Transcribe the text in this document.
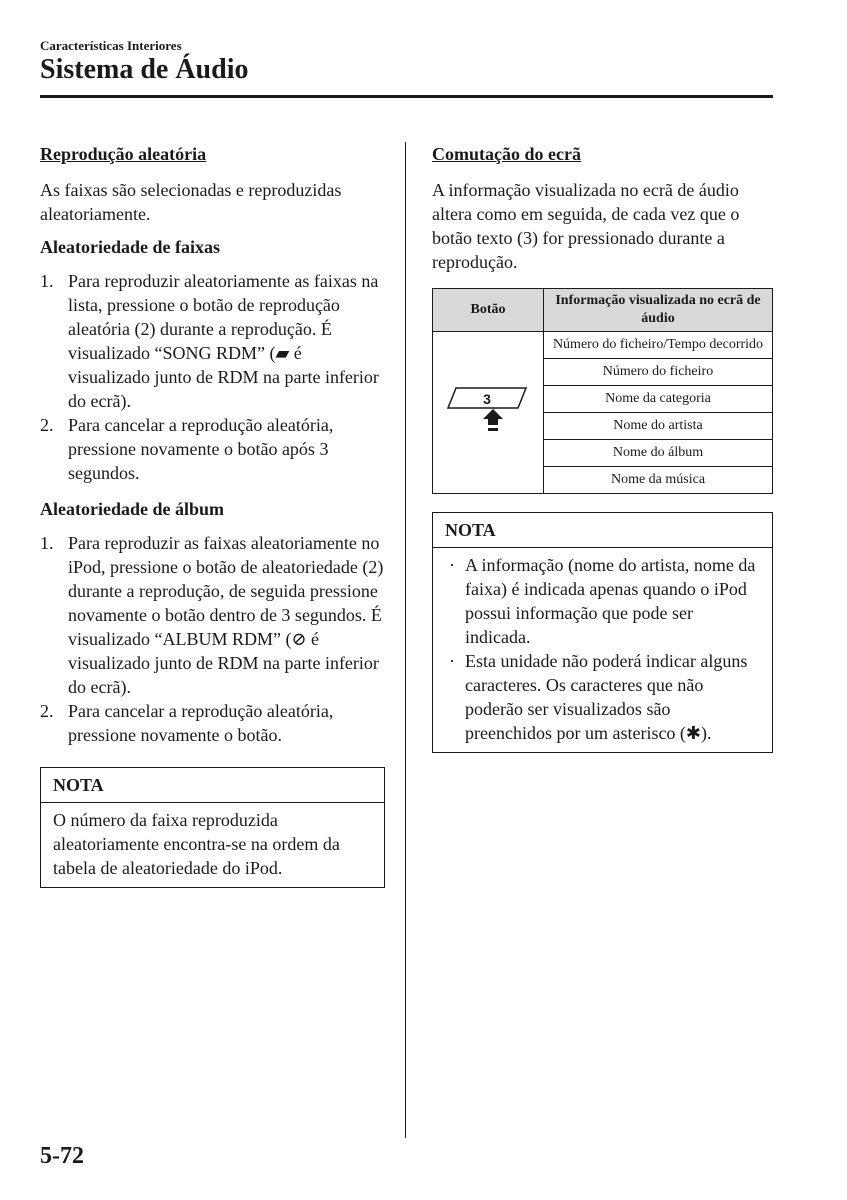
Características Interiores
Sistema de Áudio
Reprodução aleatória

As faixas são selecionadas e reproduzidas aleatoriamente.

Aleatoriedade de faixas
1. Para reproduzir aleatoriamente as faixas na lista, pressione o botão de reprodução aleatória (2) durante a reprodução. É visualizado “SONG RDM” (▰ é visualizado junto de RDM na parte inferior do ecrã).
2. Para cancelar a reprodução aleatória, pressione novamente o botão após 3 segundos.
Aleatoriedade de álbum
1. Para reproduzir as faixas aleatoriamente no iPod, pressione o botão de aleatoriedade (2) durante a reprodução, de seguida pressione novamente o botão dentro de 3 segundos. É visualizado “ALBUM RDM” (⊘ é visualizado junto de RDM na parte inferior do ecrã).
2. Para cancelar a reprodução aleatória, pressione novamente o botão.
NOTA
O número da faixa reproduzida aleatoriamente encontra-se na ordem da tabela de aleatoriedade do iPod.
Comutação do ecrã

A informação visualizada no ecrã de áudio altera como em seguida, de cada vez que o botão texto (3) for pressionado durante a reprodução.

Botão	Informação visualizada no ecrã de áudio

3	Número do ficheiro/Tempo decorrido
	Número do ficheiro
	Nome da categoria
	Nome do artista
	Nome do álbum
	Nome da música
NOTA
· A informação (nome do artista, nome da faixa) é indicada apenas quando o iPod possui informação que pode ser indicada.
· Esta unidade não poderá indicar alguns caracteres. Os caracteres que não poderão ser visualizados são preenchidos por um asterisco (✱).
5-72
